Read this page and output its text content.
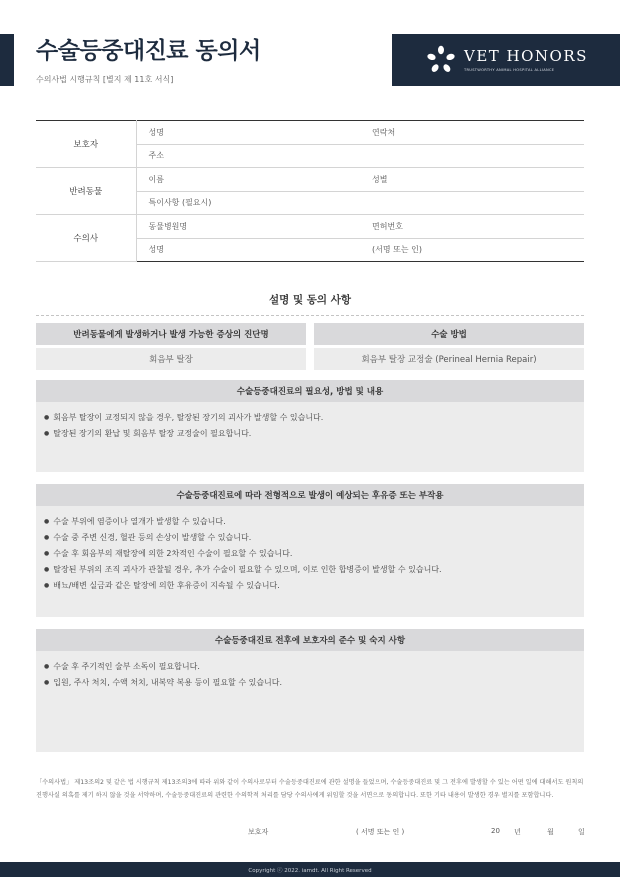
수술등중대진료 동의서
수의사법 시행규칙 [별지 제 11호 서식]
VET HONORS
TRUSTWORTHY ANIMAL HOSPITAL ALLIANCE
보호자	성명	연락처
	주소	
반려동물	이름	성별
	특이사항 (필요시)	
수의사	동물병원명	면허번호
	성명	(서명 또는 인)
설명 및 동의 사항
반려동물에게 발생하거나 발생 가능한 증상의 진단명
회음부 탈장
수술 방법
회음부 탈장 교정술 (Perineal Hernia Repair)
수술등중대진료의 필요성, 방법 및 내용
● 회음부 탈장이 교정되지 않을 경우, 탈장된 장기의 괴사가 발생할 수 있습니다.
● 탈장된 장기의 환납 및 회음부 탈장 교정술이 필요합니다.
수술등중대진료에 따라 전형적으로 발생이 예상되는 후유증 또는 부작용
● 수술 부위에 염증이나 열개가 발생할 수 있습니다.
● 수술 중 주변 신경, 혈관 등의 손상이 발생할 수 있습니다.
● 수술 후 회음부의 재탈장에 의한 2차적인 수술이 필요할 수 있습니다.
● 탈장된 부위의 조직 괴사가 관찰될 경우, 추가 수술이 필요할 수 있으며, 이로 인한 합병증이 발생할 수 있습니다.
● 배뇨/배변 실금과 같은 탈장에 의한 후유증이 지속될 수 있습니다.
수술등중대진료 전후에 보호자의 준수 및 숙지 사항
● 수술 후 주기적인 술부 소독이 필요합니다.
● 입원, 주사 처치, 수액 처치, 내복약 복용 등이 필요할 수 있습니다.
「수의사법」 제13조의2 및 같은 법 시행규칙 제13조의3에 따라 위와 같이 수의사로부터 수술등중대진료에 관한 설명을 들었으며, 수술등중대진료 및 그 전후에 발생할 수 있는 어떤 일에 대해서도 원칙의 진행사실 의혹를 제기 하지 않을 것을 서약하며, 수술등중대진료의 관련한 수의학적 처리를 담당 수의사에게 위임할 것을 서면으로 동의합니다. 또한 기타 내용이 발생한 경우 별지를 포함합니다.
보호자	( 서명 또는 인 )	20 년	월	일
Copyright ⓒ 2022. iamdt. All Right Reserved
